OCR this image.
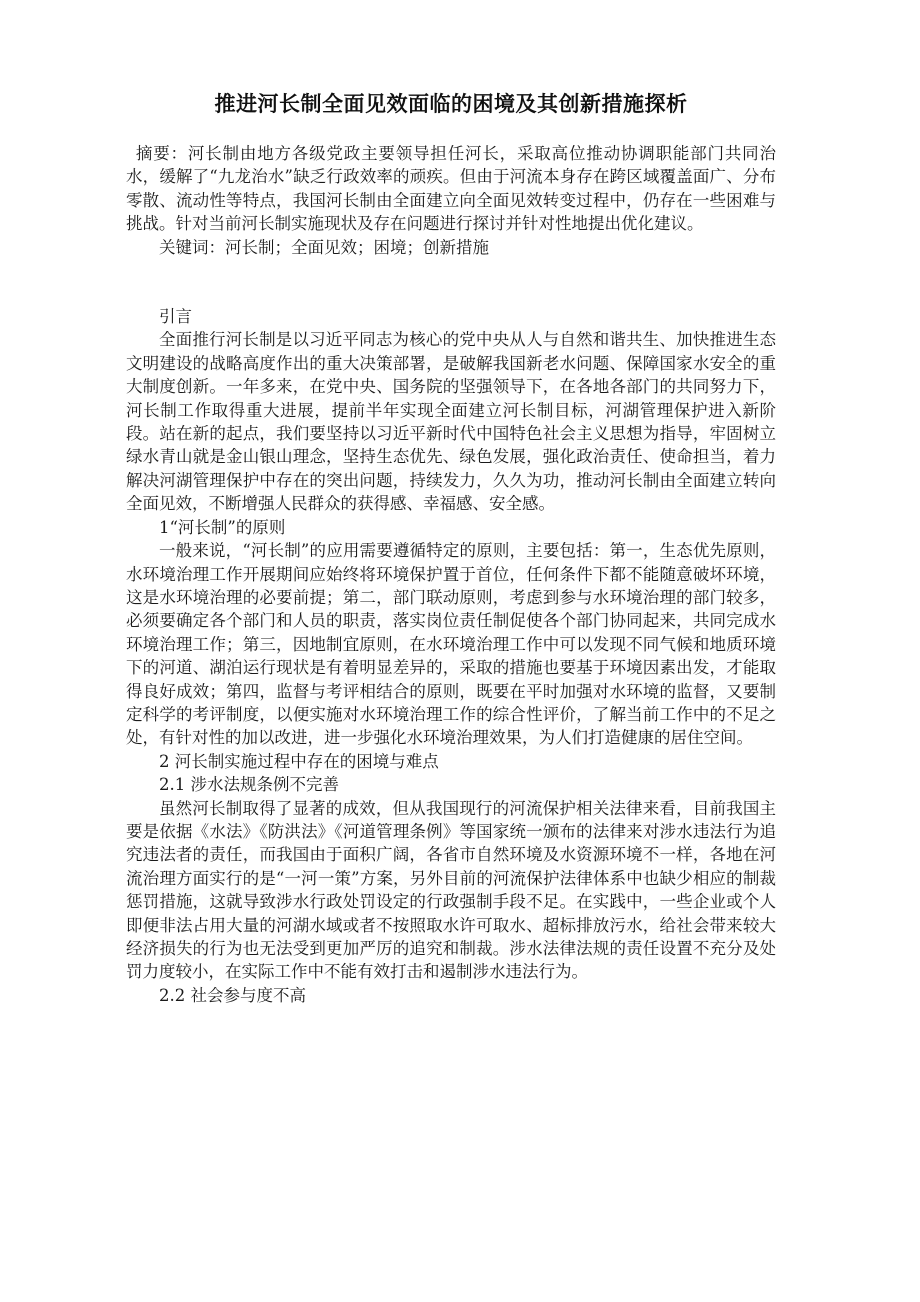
推进河长制全面见效面临的困境及其创新措施探析

摘要：河长制由地方各级党政主要领导担任河长，采取高位推动协调职能部门共同治水，缓解了“九龙治水”缺乏行政效率的顽疾。但由于河流本身存在跨区域覆盖面广、分布零散、流动性等特点，我国河长制由全面建立向全面见效转变过程中，仍存在一些困难与挑战。针对当前河长制实施现状及存在问题进行探讨并针对性地提出优化建议。

关键词：河长制；全面见效；困境；创新措施

引言

全面推行河长制是以习近平同志为核心的党中央从人与自然和谐共生、加快推进生态文明建设的战略高度作出的重大决策部署，是破解我国新老水问题、保障国家水安全的重大制度创新。一年多来，在党中央、国务院的坚强领导下，在各地各部门的共同努力下，河长制工作取得重大进展，提前半年实现全面建立河长制目标，河湖管理保护进入新阶段。站在新的起点，我们要坚持以习近平新时代中国特色社会主义思想为指导，牢固树立绿水青山就是金山银山理念，坚持生态优先、绿色发展，强化政治责任、使命担当，着力解决河湖管理保护中存在的突出问题，持续发力，久久为功，推动河长制由全面建立转向全面见效，不断增强人民群众的获得感、幸福感、安全感。

1“河长制”的原则

一般来说，“河长制”的应用需要遵循特定的原则，主要包括：第一，生态优先原则，水环境治理工作开展期间应始终将环境保护置于首位，任何条件下都不能随意破坏环境，这是水环境治理的必要前提；第二，部门联动原则，考虑到参与水环境治理的部门较多，必须要确定各个部门和人员的职责，落实岗位责任制促使各个部门协同起来，共同完成水环境治理工作；第三，因地制宜原则，在水环境治理工作中可以发现不同气候和地质环境下的河道、湖泊运行现状是有着明显差异的，采取的措施也要基于环境因素出发，才能取得良好成效；第四，监督与考评相结合的原则，既要在平时加强对水环境的监督，又要制定科学的考评制度，以便实施对水环境治理工作的综合性评价，了解当前工作中的不足之处，有针对性的加以改进，进一步强化水环境治理效果，为人们打造健康的居住空间。

2 河长制实施过程中存在的困境与难点

2.1 涉水法规条例不完善

虽然河长制取得了显著的成效，但从我国现行的河流保护相关法律来看，目前我国主要是依据《水法》《防洪法》《河道管理条例》等国家统一颁布的法律来对涉水违法行为追究违法者的责任，而我国由于面积广阔，各省市自然环境及水资源环境不一样，各地在河流治理方面实行的是“一河一策”方案，另外目前的河流保护法律体系中也缺少相应的制裁惩罚措施，这就导致涉水行政处罚设定的行政强制手段不足。在实践中，一些企业或个人即便非法占用大量的河湖水域或者不按照取水许可取水、超标排放污水，给社会带来较大经济损失的行为也无法受到更加严厉的追究和制裁。涉水法律法规的责任设置不充分及处罚力度较小，在实际工作中不能有效打击和遏制涉水违法行为。

2.2 社会参与度不高
